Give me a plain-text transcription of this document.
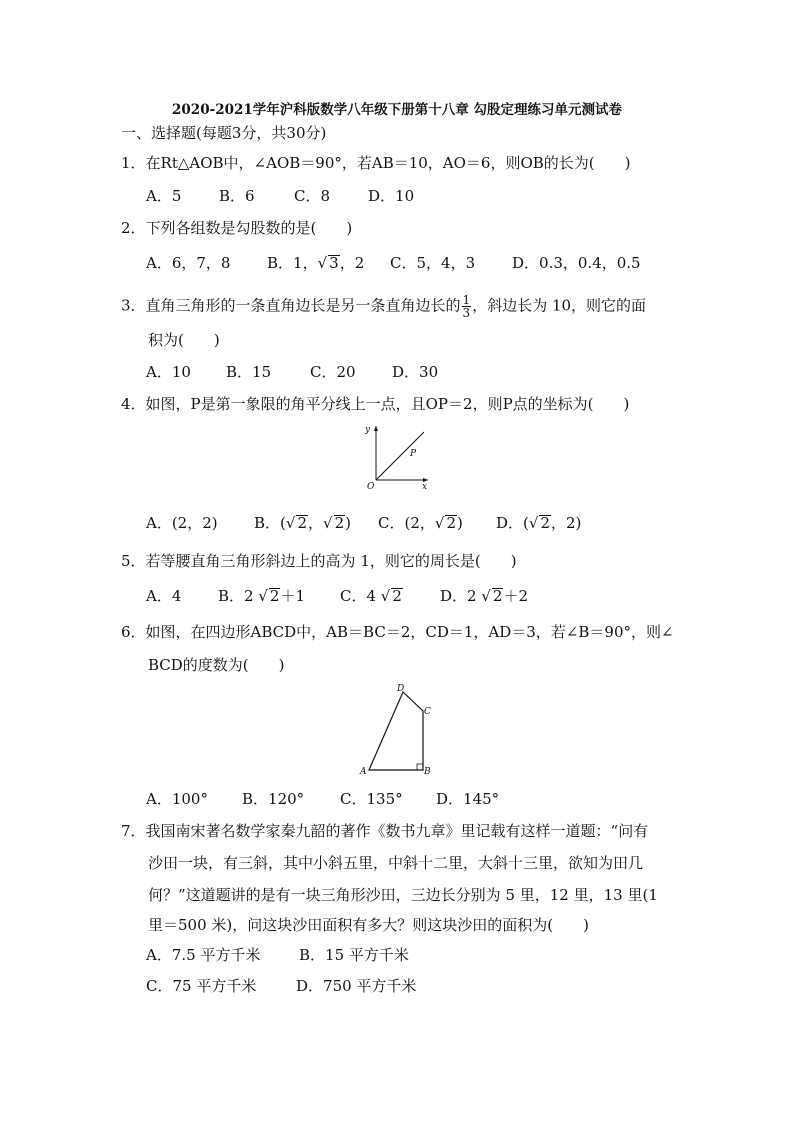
2020-2021学年沪科版数学八年级下册第十八章 勾股定理练习单元测试卷
一、选择题(每题3分，共30分)
1．在Rt△AOB中，∠AOB＝90°，若AB＝10，AO＝6，则OB的长为(　　)
A．5	B．6	C．8	D．10
2．下列各组数是勾股数的是(　　)
A．6，7，8 B．1，√ 3，2 C．5，4，3 D．0.3，0.4，0.5
3．直角三角形的一条直角边长是另一条直角边长的 $\frac{1}{3}$ ，斜边长为 10，则它的面
积为(　　)
A．10 B．15	C．20 D．30
4．如图，P是第一象限的角平分线上一点，且OP＝2，则P点的坐标为(　　)
y
x
O
P
A．(2，2) B．(√ 2，√ 2) C．(2，√ 2) D．(√ 2，2)
5．若等腰直角三角形斜边上的高为 1，则它的周长是(　　)
A．4 B．2 √ 2＋1 C．4 √ 2	D．2 √ 2＋2
6．如图，在四边形ABCD中，AB＝BC＝2，CD＝1，AD＝3，若∠B＝90°，则∠
BCD的度数为(　　)
A	B
C
D
A．100° B．120° C．135° D．145°
7．我国南宋著名数学家秦九韶的著作《数书九章》里记载有这样一道题：“问有
沙田一块，有三斜，其中小斜五里，中斜十二里，大斜十三里，欲知为田几
何？”这道题讲的是有一块三角形沙田，三边长分别为 5 里，12 里，13 里(1
里＝500 米)，问这块沙田面积有多大？则这块沙田的面积为(　　)
A．7.5 平方千米	B．15 平方千米
C．75 平方千米	D．750 平方千米
